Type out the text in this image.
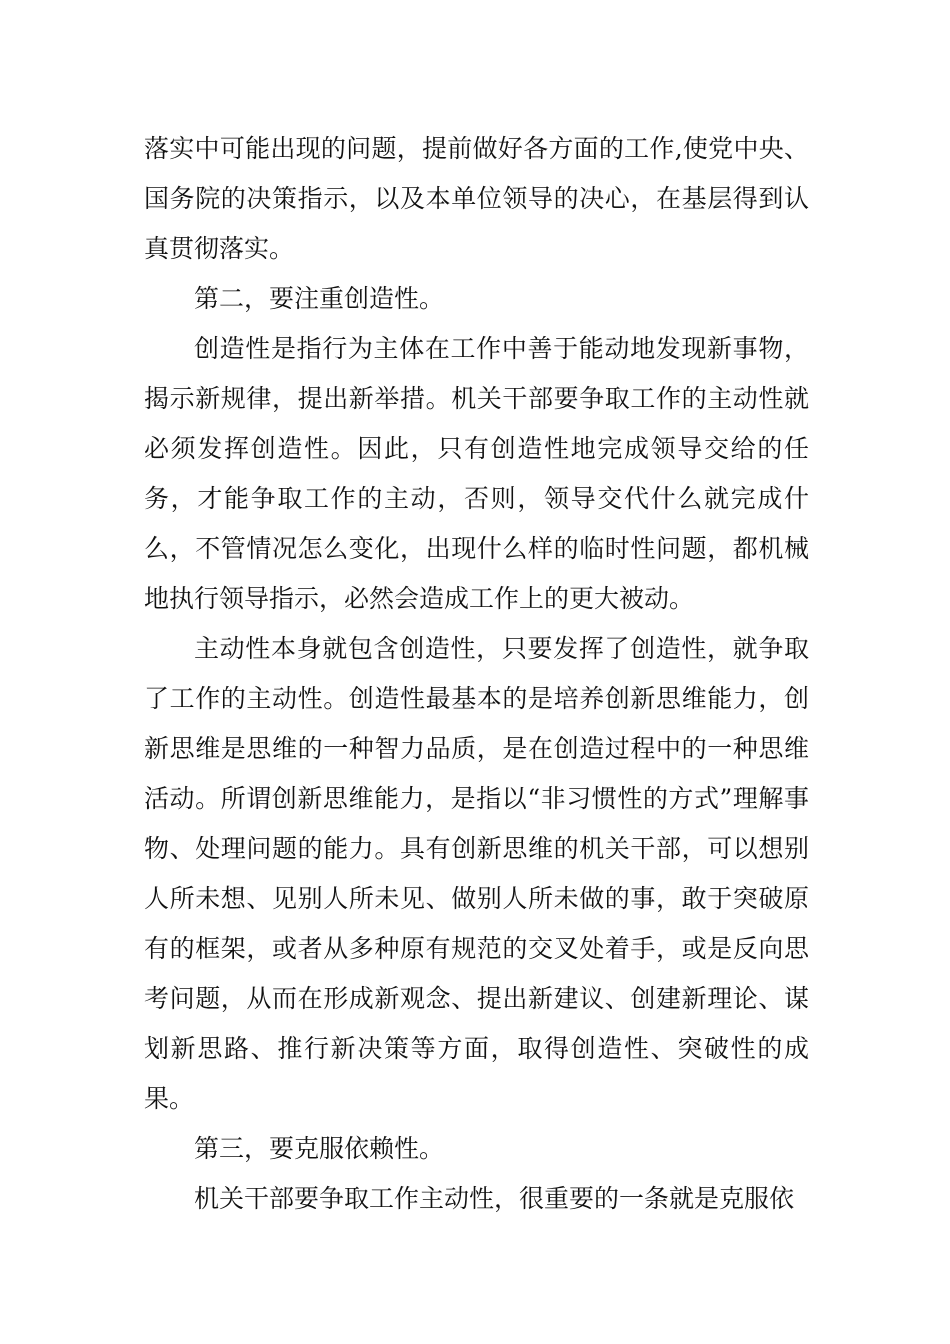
落实中可能出现的问题，提前做好各方面的工作,使党中央、国务院的决策指示，以及本单位领导的决心，在基层得到认真贯彻落实。

第二，要注重创造性。

创造性是指行为主体在工作中善于能动地发现新事物，揭示新规律，提出新举措。机关干部要争取工作的主动性就必须发挥创造性。因此，只有创造性地完成领导交给的任务，才能争取工作的主动，否则，领导交代什么就完成什么，不管情况怎么变化，出现什么样的临时性问题，都机械地执行领导指示，必然会造成工作上的更大被动。

主动性本身就包含创造性，只要发挥了创造性，就争取了工作的主动性。创造性最基本的是培养创新思维能力，创新思维是思维的一种智力品质，是在创造过程中的一种思维活动。所谓创新思维能力，是指以“非习惯性的方式”理解事物、处理问题的能力。具有创新思维的机关干部，可以想别人所未想、见别人所未见、做别人所未做的事，敢于突破原有的框架，或者从多种原有规范的交叉处着手，或是反向思考问题，从而在形成新观念、提出新建议、创建新理论、谋划新思路、推行新决策等方面，取得创造性、突破性的成果。

第三，要克服依赖性。

机关干部要争取工作主动性，很重要的一条就是克服依
